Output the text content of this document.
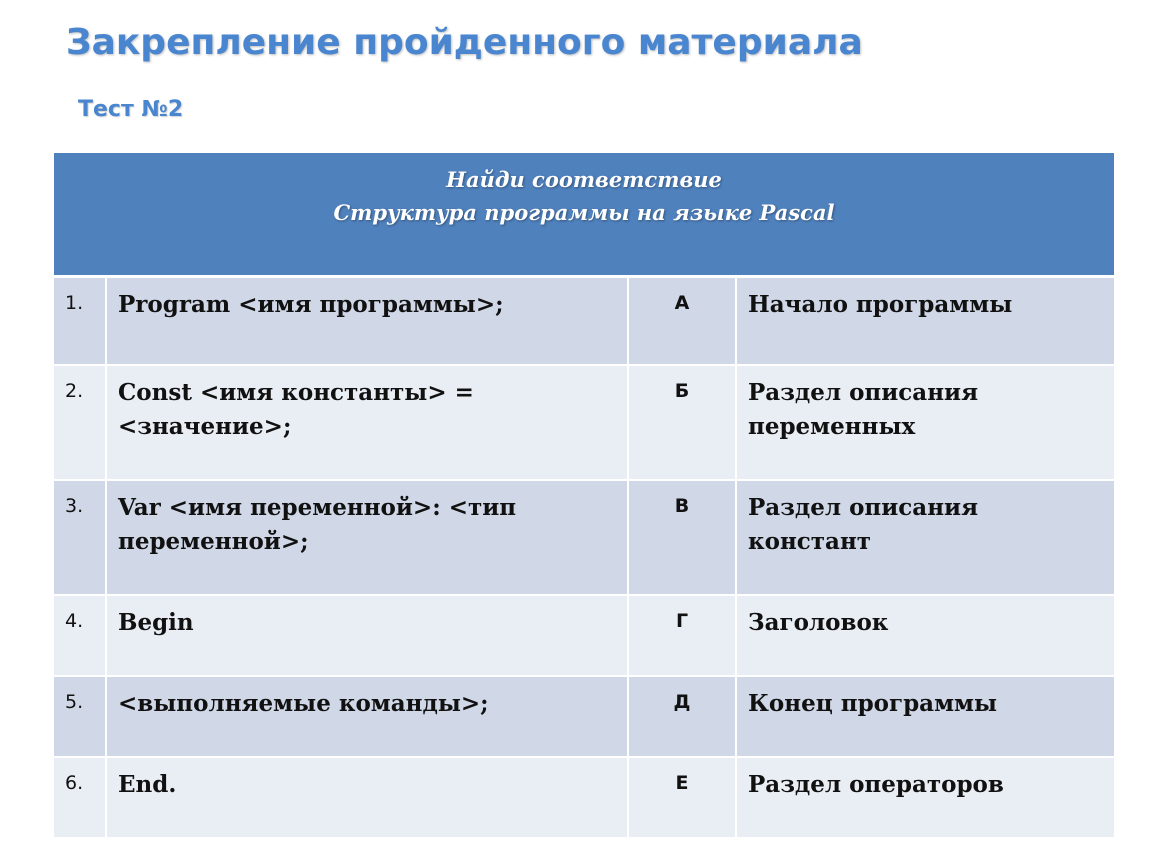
Закрепление пройденного материала
Тест №2
Найди соответствие
Структура программы на языке Pascal			

1.	Program <имя программы>;	А	Начало программы
2.	Const <имя константы> = <значение>;	Б	Раздел описания переменных
3.	Var <имя переменной>: <тип переменной>;	В	Раздел описания констант
4.	Begin	Г	Заголовок
5.	<выполняемые команды>;	Д	Конец программы
6.	End.	Е	Раздел операторов
